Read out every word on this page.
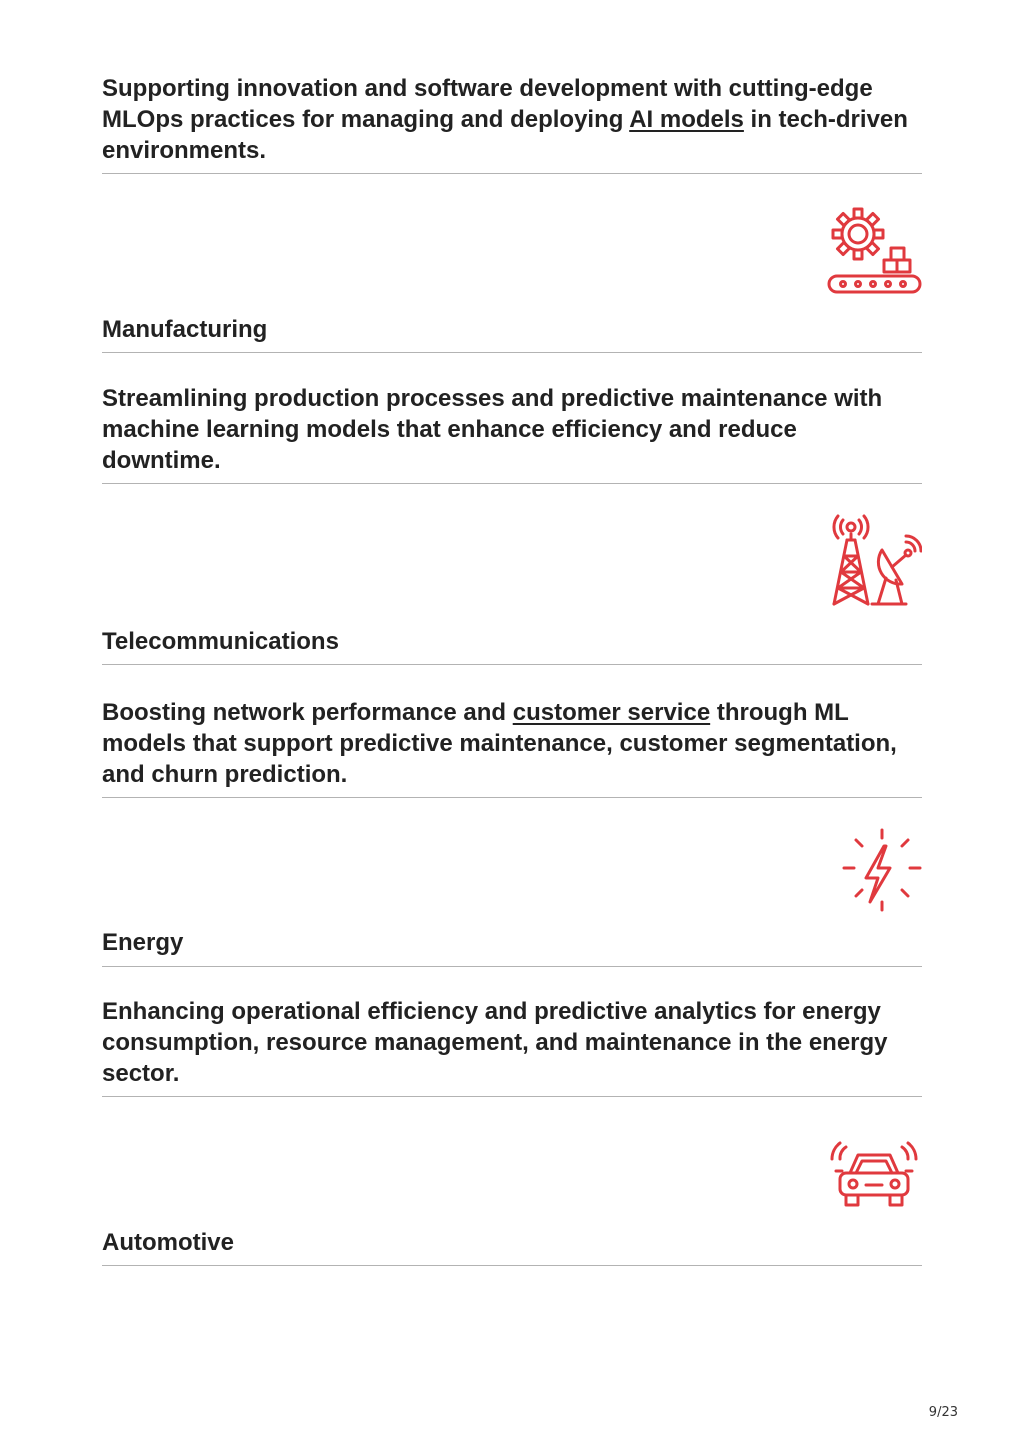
Supporting innovation and software development with cutting-edge MLOps practices for managing and deploying AI models in tech-driven environments.

Manufacturing

Streamlining production processes and predictive maintenance with machine learning models that enhance efficiency and reduce downtime.

Telecommunications

Boosting network performance and customer service through ML models that support predictive maintenance, customer segmentation, and churn prediction.

Energy

Enhancing operational efficiency and predictive analytics for energy consumption, resource management, and maintenance in the energy sector.

Automotive
9/23
